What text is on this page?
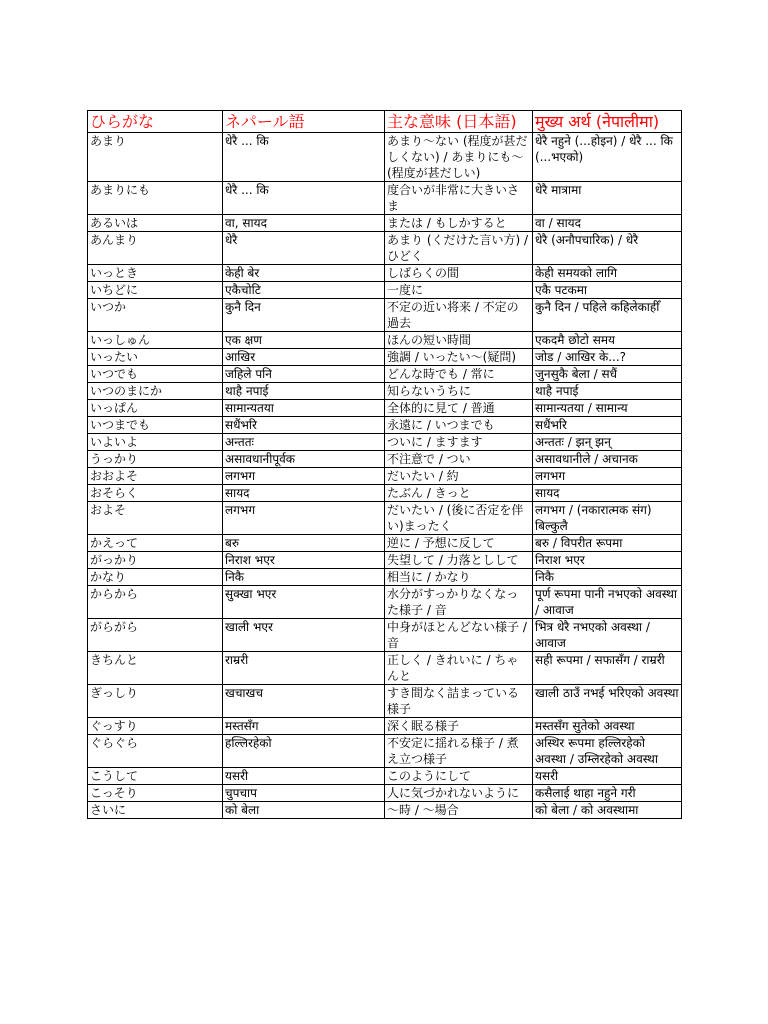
ひらがな	ネパール語	主な意味 (日本語)	मुख्य अर्थ (नेपालीमा)
あまり	धेरै ... कि	あまり〜ない (程度が甚だしくない) / あまりにも〜 (程度が甚だしい)	धेरै नहुने (...होइन) / धेरै ... कि (...भएको)
あまりにも	धेरै ... कि	度合いが非常に大きいさま	धेरै मात्रामा
あるいは	वा, सायद	または / もしかすると	वा / सायद
あんまり	धेरै	あまり (くだけた言い方) / ひどく	धेरै (अनौपचारिक) / धेरै
いっとき	केही बेर	しばらくの間	केही समयको लागि
いちどに	एकैचोटि	一度に	एकै पटकमा
いつか	कुनै दिन	不定の近い将来 / 不定の過去	कुनै दिन / पहिले कहिलेकाहीँ
いっしゅん	एक क्षण	ほんの短い時間	एकदमै छोटो समय
いったい	आखिर	強調 / いったい〜(疑問)	जोड / आखिर के...?
いつでも	जहिले पनि	どんな時でも / 常に	जुनसुकै बेला / सधैं
いつのまにか	थाहै नपाई	知らないうちに	थाहै नपाई
いっぱん	सामान्यतया	全体的に見て / 普通	सामान्यतया / सामान्य
いつまでも	सधैंभरि	永遠に / いつまでも	सधैंभरि
いよいよ	अन्ततः	ついに / ますます	अन्ततः / झन् झन्
うっかり	असावधानीपूर्वक	不注意で / つい	असावधानीले / अचानक
おおよそ	लगभग	だいたい / 約	लगभग
おそらく	सायद	たぶん / きっと	सायद
およそ	लगभग	だいたい / (後に否定を伴い)まったく	लगभग / (नकारात्मक संग) बिल्कुलै
かえって	बरु	逆に / 予想に反して	बरु / विपरीत रूपमा
がっかり	निराश भएर	失望して / 力落としして	निराश भएर
かなり	निकै	相当に / かなり	निकै
からから	सुक्खा भएर	水分がすっかりなくなった様子 / 音	पूर्ण रूपमा पानी नभएको अवस्था / आवाज
がらがら	खाली भएर	中身がほとんどない様子 / 音	भित्र धेरै नभएको अवस्था / आवाज
きちんと	राम्ररी	正しく / きれいに / ちゃんと	सही रूपमा / सफासँग / राम्ररी
ぎっしり	खचाखच	すき間なく詰まっている様子	खाली ठाउँ नभई भरिएको अवस्था
ぐっすり	मस्तसँग	深く眠る様子	मस्तसँग सुतेको अवस्था
ぐらぐら	हल्लिरहेको	不安定に揺れる様子 / 煮え立つ様子	अस्थिर रूपमा हल्लिरहेको अवस्था / उम्लिरहेको अवस्था
こうして	यसरी	このようにして	यसरी
こっそり	चुपचाप	人に気づかれないように	कसैलाई थाहा नहुने गरी
さいに	को बेला	〜時 / 〜場合	को बेला / को अवस्थामा
